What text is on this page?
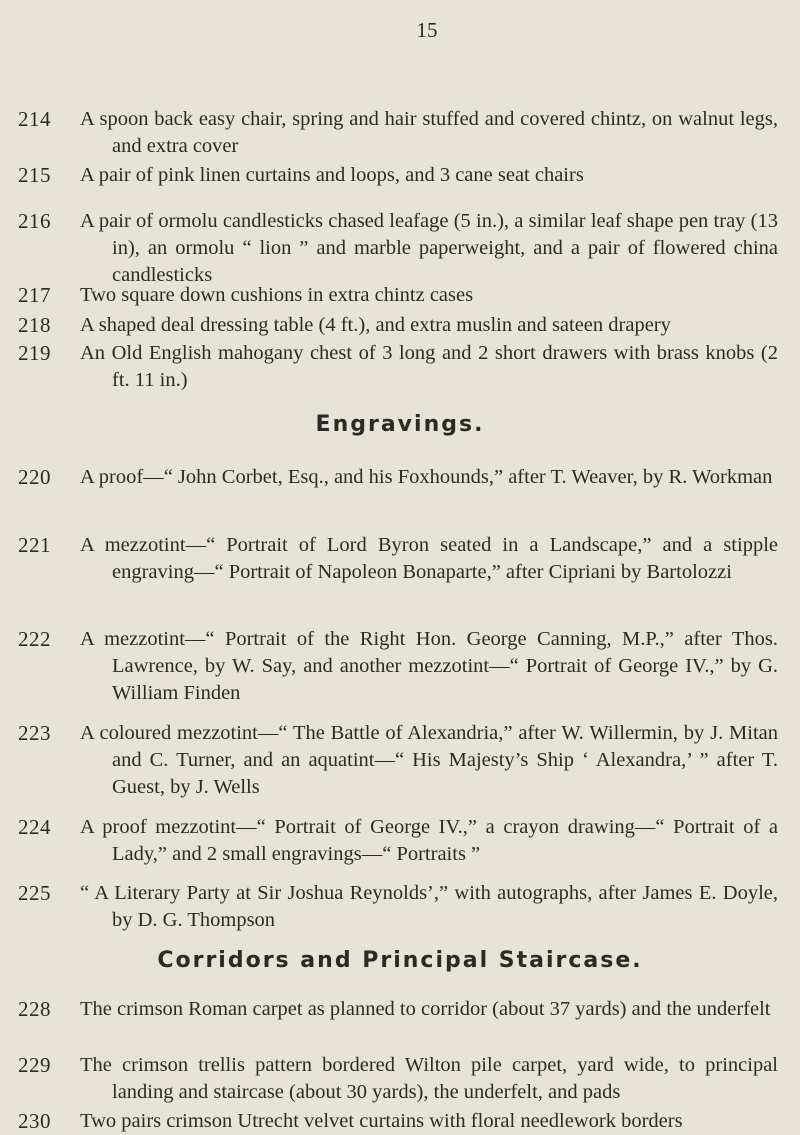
15
214	A spoon back easy chair, spring and hair stuffed and covered chintz, on walnut legs, and extra cover
215	A pair of pink linen curtains and loops, and 3 cane seat chairs
216	A pair of ormolu candlesticks chased leafage (5 in.), a similar leaf shape pen tray (13 in), an ormolu “ lion ” and marble paperweight, and a pair of flowered china candlesticks
217	Two square down cushions in extra chintz cases
218	A shaped deal dressing table (4 ft.), and extra muslin and sateen drapery
219	An Old English mahogany chest of 3 long and 2 short drawers with brass knobs (2 ft. 11 in.)
Engravings.
220	A proof—“ John Corbet, Esq., and his Foxhounds,” after T. Weaver, by R. Workman
221	A mezzotint—“ Portrait of Lord Byron seated in a Landscape,” and a stipple engraving—“ Portrait of Napoleon Bonaparte,” after Cipriani by Bartolozzi
222	A mezzotint—“ Portrait of the Right Hon. George Canning, M.P.,” after Thos. Lawrence, by W. Say, and another mezzotint—“ Portrait of George IV.,” by G. William Finden
223	A coloured mezzotint—“ The Battle of Alexandria,” after W. Willermin, by J. Mitan and C. Turner, and an aquatint—“ His Majesty’s Ship ‘ Alexandra,’ ” after T. Guest, by J. Wells
224	A proof mezzotint—“ Portrait of George IV.,” a crayon drawing—“ Portrait of a Lady,” and 2 small engravings—“ Portraits ”
225	“ A Literary Party at Sir Joshua Reynolds’,” with autographs, after James E. Doyle, by D. G. Thompson
Corridors and Principal Staircase.
228	The crimson Roman carpet as planned to corridor (about 37 yards) and the underfelt
229	The crimson trellis pattern bordered Wilton pile carpet, yard wide, to principal landing and staircase (about 30 yards), the underfelt, and pads
230	Two pairs crimson Utrecht velvet curtains with floral needlework borders
